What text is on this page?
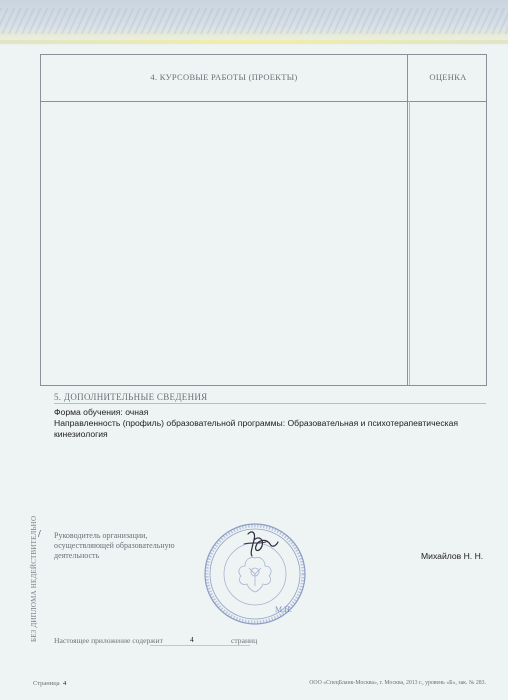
4. КУРСОВЫЕ РАБОТЫ (ПРОЕКТЫ)	ОЦЕНКА
5. ДОПОЛНИТЕЛЬНЫЕ СВЕДЕНИЯ
Форма обучения: очная
Направленность (профиль) образовательной программы: Образовательная и психотерапевтическая
кинезиология
БЕЗ ДИПЛОМА НЕДЕЙСТВИТЕЛЬНО / Руководитель организации,
осуществляющей образовательную
деятельность
М.П.
Михайлов Н. Н.
Настоящее приложение содержит	4	страниц
Страница 4	ООО «СпецБланк-Москва», г. Москва, 2013 г., уровень «Б», зак. № 283.
